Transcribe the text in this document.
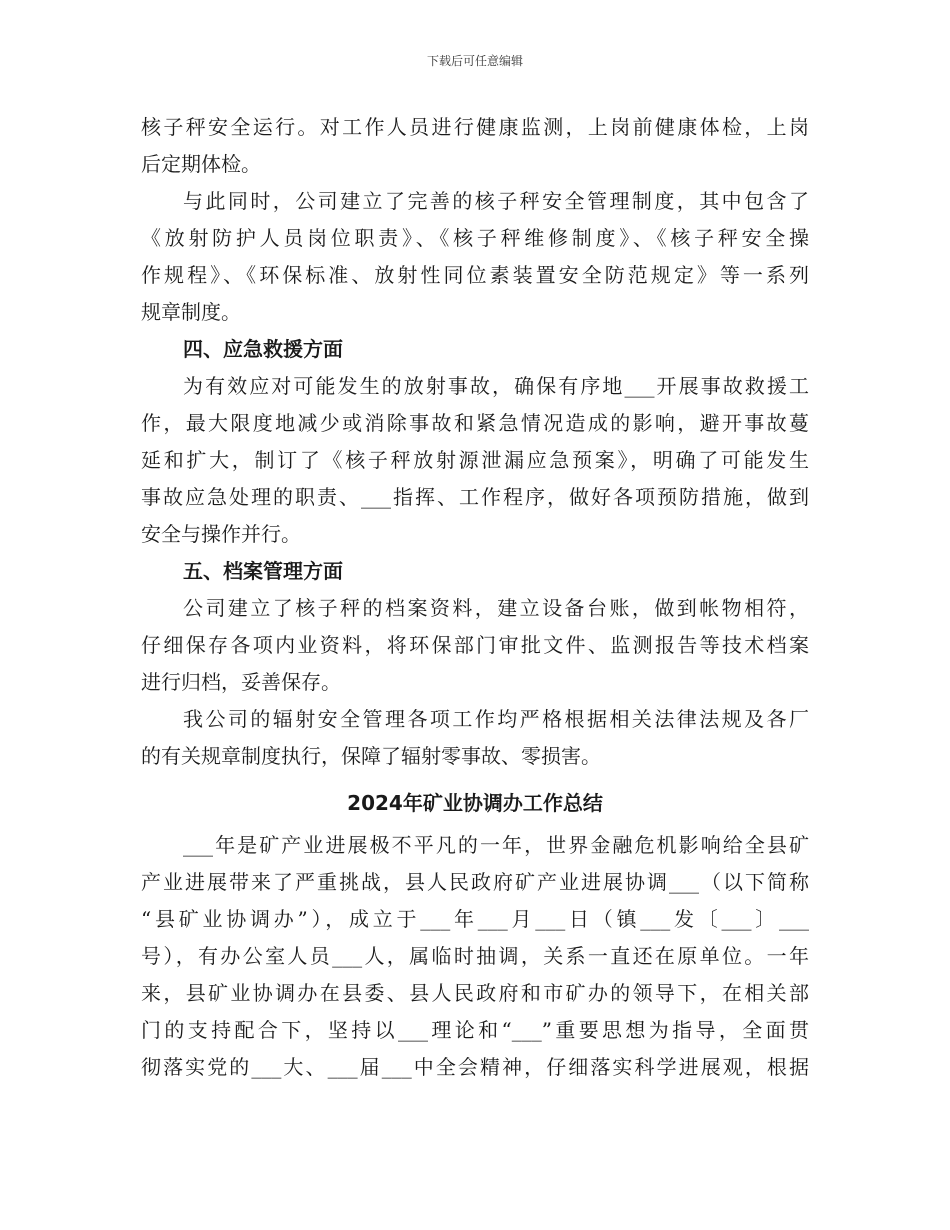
下载后可任意编辑
核子秤安全运行。对工作人员进行健康监测，上岗前健康体检，上岗
后定期体检。
与此同时，公司建立了完善的核子秤安全管理制度，其中包含了
《放射防护人员岗位职责》、《核子秤维修制度》、《核子秤安全操
作规程》、《环保标准、放射性同位素装置安全防范规定》等一系列
规章制度。
四、应急救援方面
为有效应对可能发生的放射事故，确保有序地___开展事故救援工
作，最大限度地减少或消除事故和紧急情况造成的影响，避开事故蔓
延和扩大，制订了《核子秤放射源泄漏应急预案》，明确了可能发生
事故应急处理的职责、___指挥、工作程序，做好各项预防措施，做到
安全与操作并行。
五、档案管理方面
公司建立了核子秤的档案资料，建立设备台账，做到帐物相符，
仔细保存各项内业资料，将环保部门审批文件、监测报告等技术档案
进行归档，妥善保存。
我公司的辐射安全管理各项工作均严格根据相关法律法规及各厂
的有关规章制度执行，保障了辐射零事故、零损害。
2024年矿业协调办工作总结
___年是矿产业进展极不平凡的一年，世界金融危机影响给全县矿
产业进展带来了严重挑战，县人民政府矿产业进展协调___（以下简称
“县矿业协调办”），成立于___年___月___日（镇___发〔___〕___
号），有办公室人员___人，属临时抽调，关系一直还在原单位。一年
来，县矿业协调办在县委、县人民政府和市矿办的领导下，在相关部
门的支持配合下，坚持以___理论和“___”重要思想为指导，全面贯
彻落实党的___大、___届___中全会精神，仔细落实科学进展观，根据
